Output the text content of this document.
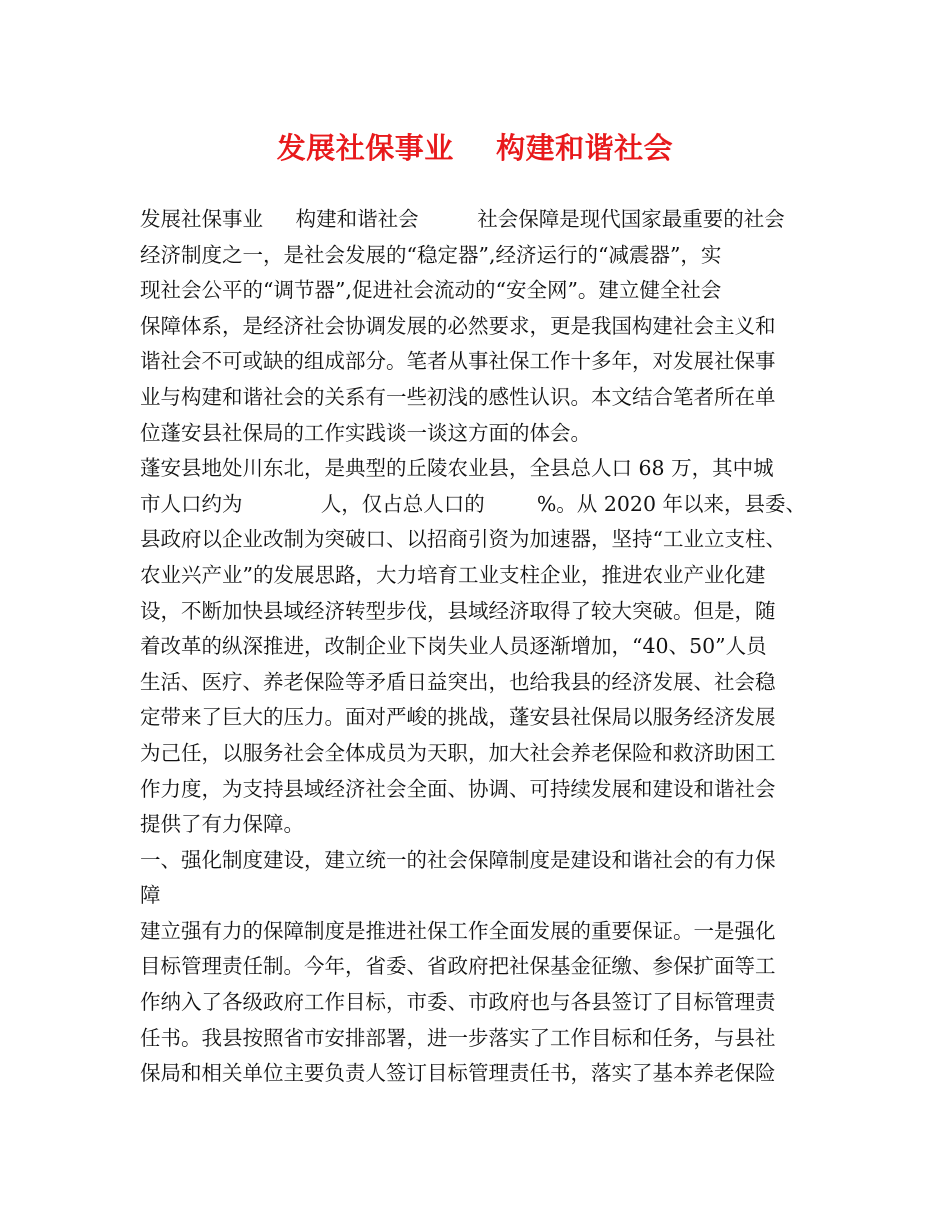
发展社保事业    构建和谐社会
发展社保事业     构建和谐社会         社会保障是现代国家最重要的社会
经济制度之一，是社会发展的“稳定器”,经济运行的“减震器”，实
现社会公平的“调节器”,促进社会流动的“安全网”。建立健全社会
保障体系，是经济社会协调发展的必然要求，更是我国构建社会主义和
谐社会不可或缺的组成部分。笔者从事社保工作十多年，对发展社保事
业与构建和谐社会的关系有一些初浅的感性认识。本文结合笔者所在单
位蓬安县社保局的工作实践谈一谈这方面的体会。
蓬安县地处川东北，是典型的丘陵农业县，全县总人口 68 万，其中城
市人口约为            人，仅占总人口的        %。从 2020 年以来，县委、
县政府以企业改制为突破口、以招商引资为加速器，坚持“工业立支柱、
农业兴产业”的发展思路，大力培育工业支柱企业，推进农业产业化建
设，不断加快县域经济转型步伐，县域经济取得了较大突破。但是，随
着改革的纵深推进，改制企业下岗失业人员逐渐增加，“40、50”人员
生活、医疗、养老保险等矛盾日益突出，也给我县的经济发展、社会稳
定带来了巨大的压力。面对严峻的挑战，蓬安县社保局以服务经济发展
为己任，以服务社会全体成员为天职，加大社会养老保险和救济助困工
作力度，为支持县域经济社会全面、协调、可持续发展和建设和谐社会
提供了有力保障。
一、强化制度建设，建立统一的社会保障制度是建设和谐社会的有力保
障
建立强有力的保障制度是推进社保工作全面发展的重要保证。一是强化
目标管理责任制。今年，省委、省政府把社保基金征缴、参保扩面等工
作纳入了各级政府工作目标，市委、市政府也与各县签订了目标管理责
任书。我县按照省市安排部署，进一步落实了工作目标和任务，与县社
保局和相关单位主要负责人签订目标管理责任书，落实了基本养老保险
